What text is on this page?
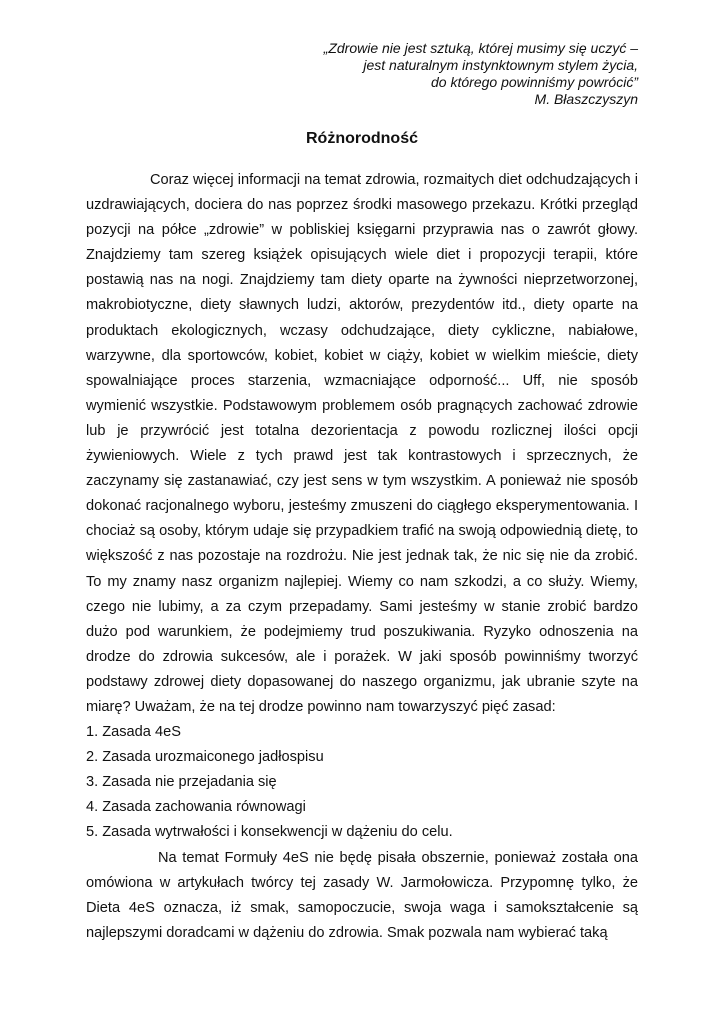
„Zdrowie nie jest sztuką, której musimy się uczyć –
jest naturalnym instynktownym stylem życia,
do którego powinniśmy powrócić”
M. Błaszczyszyn
Różnorodność

Coraz więcej informacji na temat zdrowia, rozmaitych diet odchudzających i uzdrawiających, dociera do nas poprzez środki masowego przekazu. Krótki przegląd pozycji na półce „zdrowie” w pobliskiej księgarni przyprawia nas o zawrót głowy. Znajdziemy tam szereg książek opisujących wiele diet i propozycji terapii, które postawią nas na nogi. Znajdziemy tam diety oparte na żywności nieprzetworzonej, makrobiotyczne, diety sławnych ludzi, aktorów, prezydentów itd., diety oparte na produktach ekologicznych, wczasy odchudzające, diety cykliczne, nabiałowe, warzywne, dla sportowców, kobiet, kobiet w ciąży, kobiet w wielkim mieście, diety spowalniające proces starzenia, wzmacniające odporność... Uff, nie sposób wymienić wszystkie. Podstawowym problemem osób pragnących zachować zdrowie lub je przywrócić jest totalna dezorientacja z powodu rozlicznej ilości opcji żywieniowych. Wiele z tych prawd jest tak kontrastowych i sprzecznych, że zaczynamy się zastanawiać, czy jest sens w tym wszystkim. A ponieważ nie sposób dokonać racjonalnego wyboru, jesteśmy zmuszeni do ciągłego eksperymentowania. I chociaż są osoby, którym udaje się przypadkiem trafić na swoją odpowiednią dietę, to większość z nas pozostaje na rozdrożu. Nie jest jednak tak, że nic się nie da zrobić. To my znamy nasz organizm najlepiej. Wiemy co nam szkodzi, a co służy. Wiemy, czego nie lubimy, a za czym przepadamy. Sami jesteśmy w stanie zrobić bardzo dużo pod warunkiem, że podejmiemy trud poszukiwania. Ryzyko odnoszenia na drodze do zdrowia sukcesów, ale i porażek. W jaki sposób powinniśmy tworzyć podstawy zdrowej diety dopasowanej do naszego organizmu, jak ubranie szyte na miarę? Uważam, że na tej drodze powinno nam towarzyszyć pięć zasad:

1. Zasada 4eS
2. Zasada urozmaiconego jadłospisu
3. Zasada nie przejadania się
4. Zasada zachowania równowagi
5. Zasada wytrwałości i konsekwencji w dążeniu do celu.

Na temat Formuły 4eS nie będę pisała obszernie, ponieważ została ona omówiona w artykułach twórcy tej zasady W. Jarmołowicza. Przypomnę tylko, że Dieta 4eS oznacza, iż smak, samopoczucie, swoja waga i samokształcenie są najlepszymi doradcami w dążeniu do zdrowia. Smak pozwala nam wybierać taką
